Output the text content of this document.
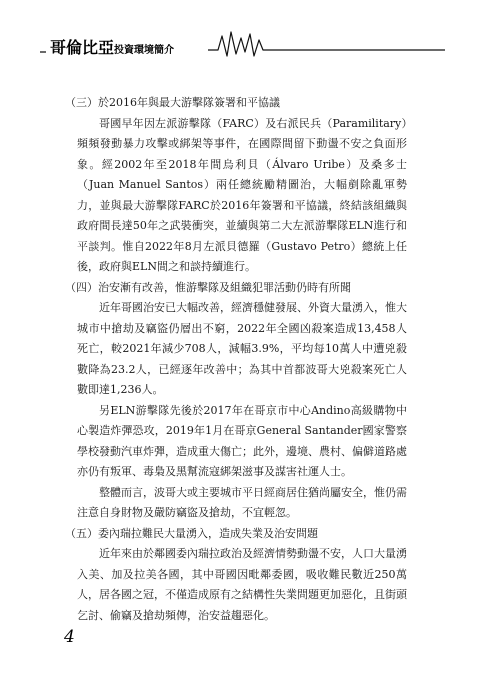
哥倫比亞投資環境簡介
（三）於2016年與最大游擊隊簽署和平協議

哥國早年因左派游擊隊（FARC）及右派民兵（Paramilitary）頻頻發動暴力攻擊或綁架等事件，在國際間留下動盪不安之負面形象。經2002年至2018年間烏利貝（Álvaro Uribe）及桑多士（Juan Manuel Santos）兩任總統勵精圖治，大幅剷除亂軍勢力，並與最大游擊隊FARC於2016年簽署和平協議，終結該組織與政府間長達50年之武裝衝突，並續與第二大左派游擊隊ELN進行和平談判。惟自2022年8月左派貝德羅（Gustavo Petro）總統上任後，政府與ELN間之和談持續進行。

（四）治安漸有改善，惟游擊隊及組織犯罪活動仍時有所聞

近年哥國治安已大幅改善，經濟穩健發展、外資大量湧入，惟大城市中搶劫及竊盜仍層出不窮，2022年全國凶殺案造成13,458人死亡，較2021年減少708人，減幅3.9%，平均每10萬人中遭兇殺數降為23.2人，已經逐年改善中；為其中首都波哥大兇殺案死亡人數即達1,236人。

另ELN游擊隊先後於2017年在哥京市中心Andino高級購物中心製造炸彈恐攻，2019年1月在哥京General Santander國家警察學校發動汽車炸彈，造成重大傷亡；此外，邊境、農村、偏僻道路處亦仍有叛軍、毒梟及黑幫流寇綁架滋事及謀害社運人士。

整體而言，波哥大或主要城市平日經商居住猶尚屬安全，惟仍需注意自身財物及嚴防竊盜及搶劫，不宜輕忽。

（五）委內瑞拉難民大量湧入，造成失業及治安問題

近年來由於鄰國委內瑞拉政治及經濟情勢動盪不安，人口大量湧入美、加及拉美各國，其中哥國因毗鄰委國，吸收難民數近250萬人，居各國之冠，不僅造成原有之結構性失業問題更加惡化，且街頭乞討、偷竊及搶劫頻傳，治安益趨惡化。

4
